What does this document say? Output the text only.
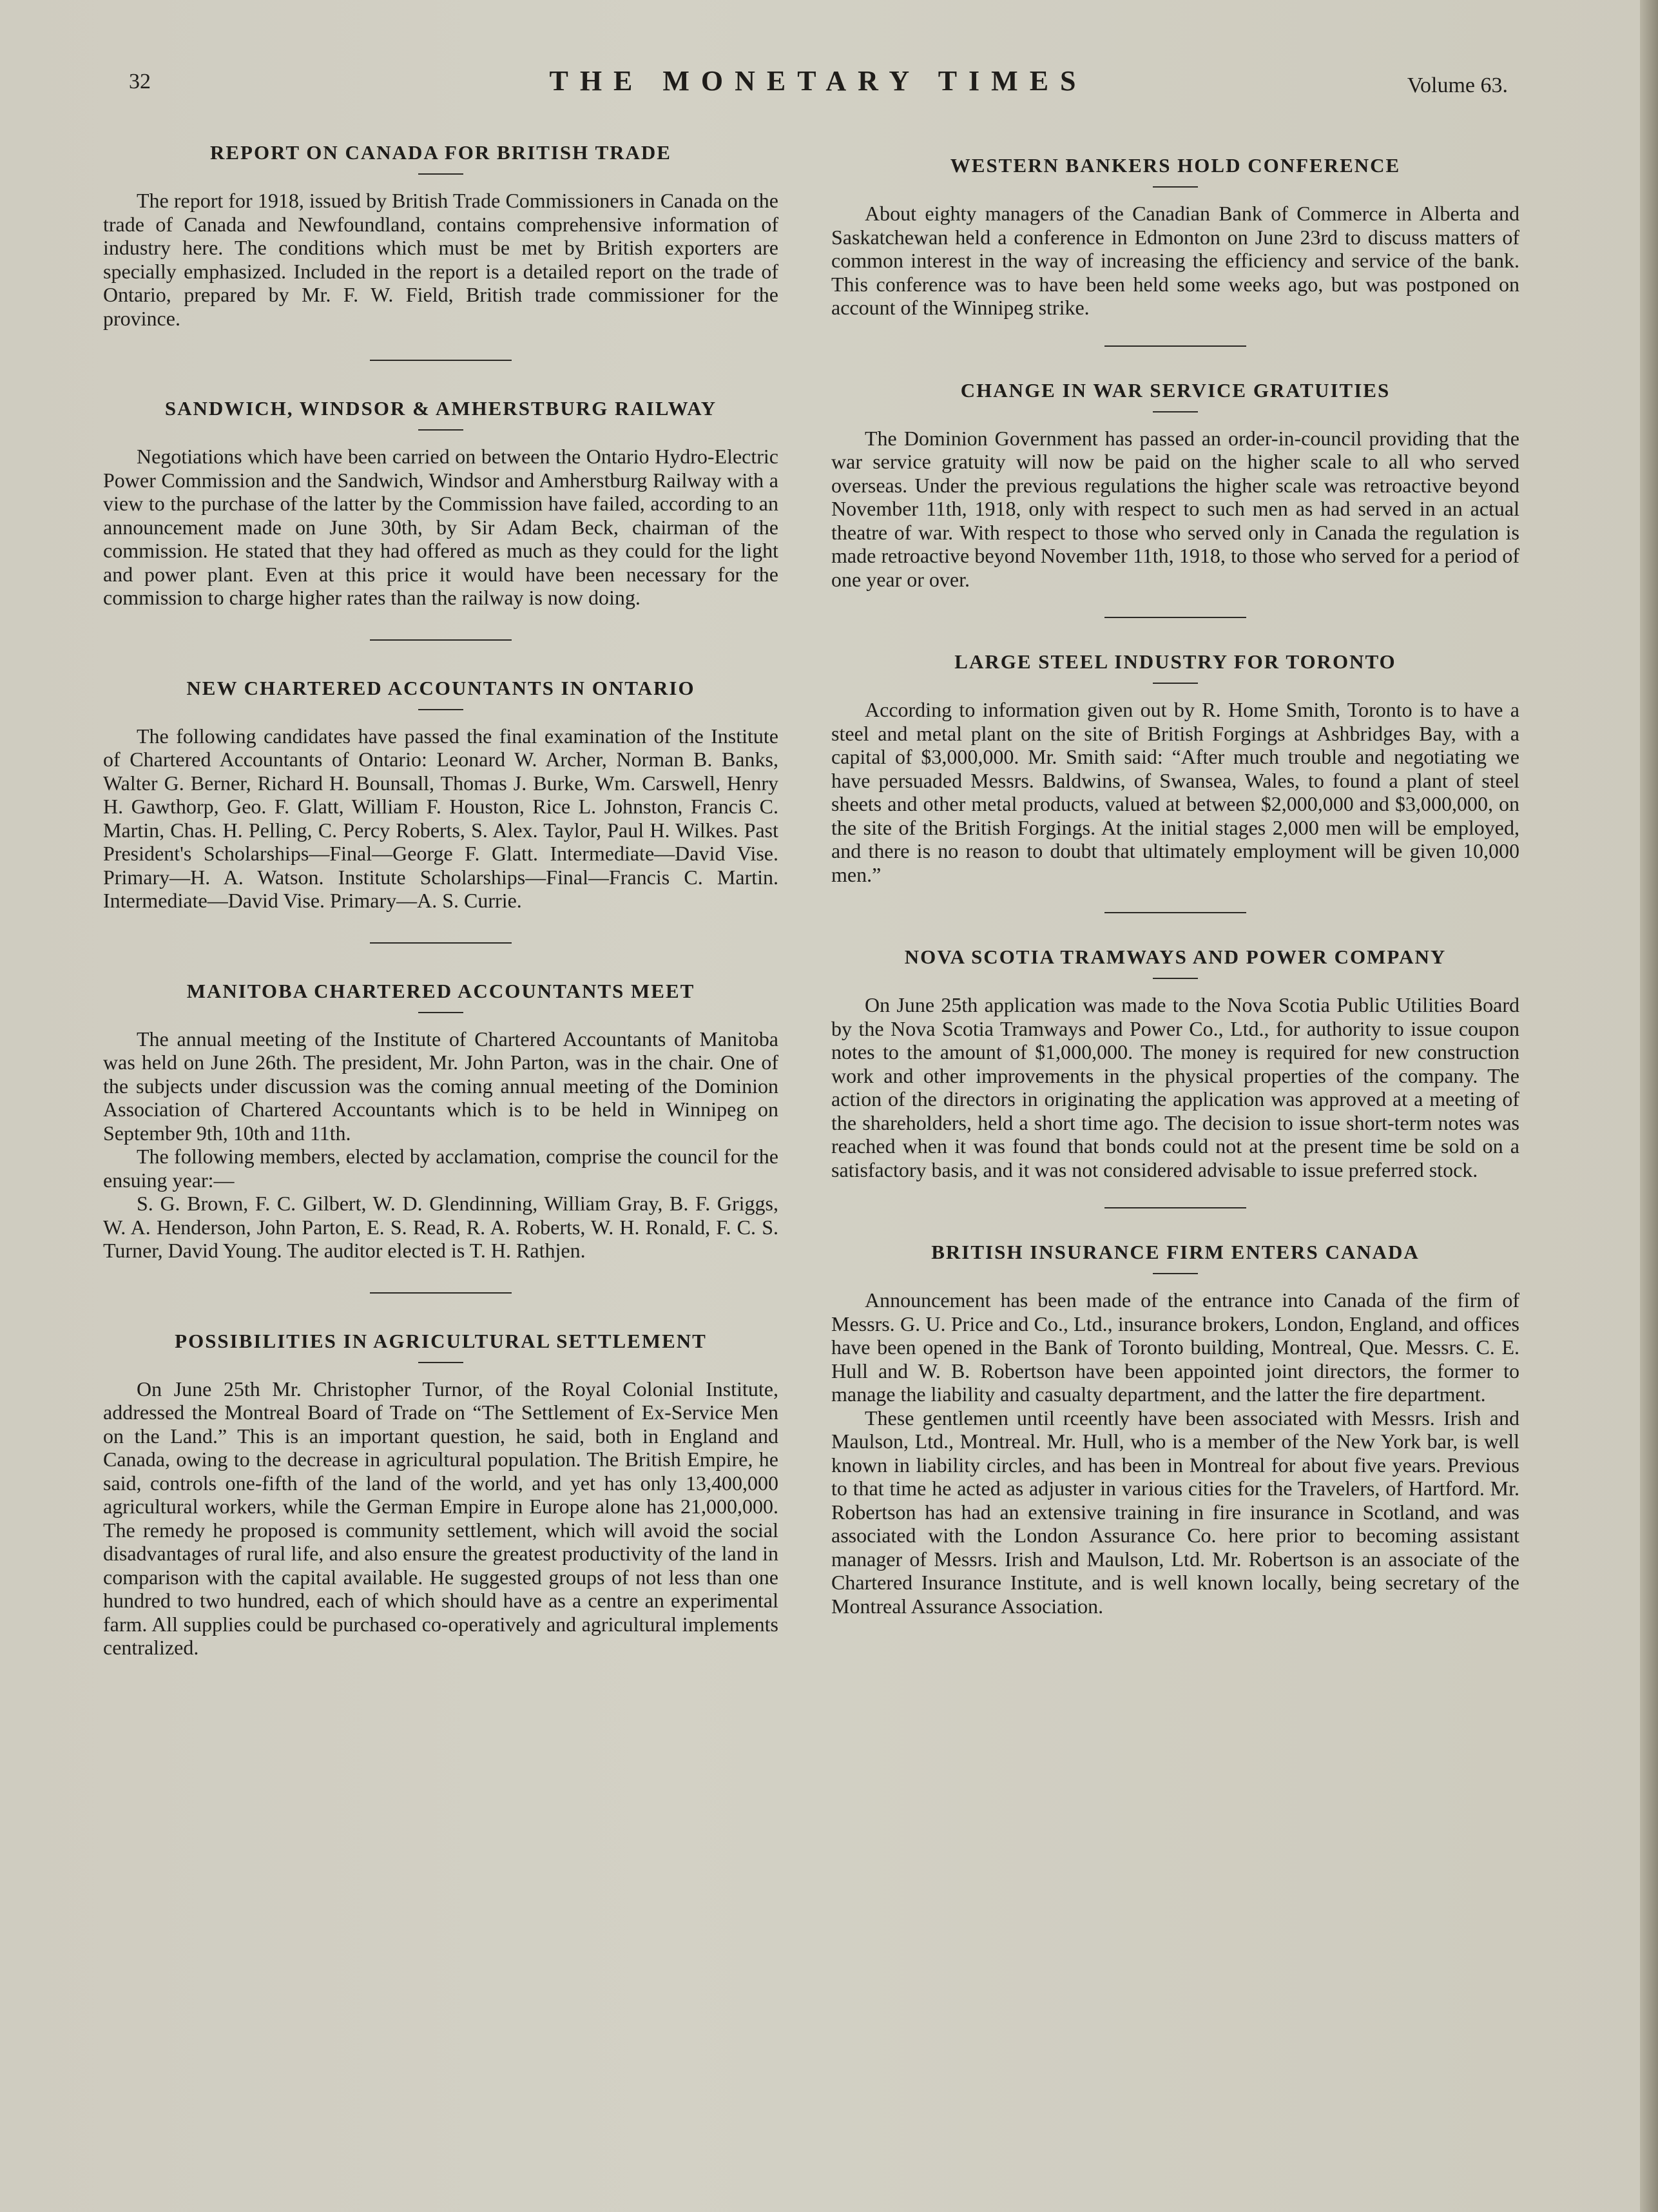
32	THE MONETARY TIMES	Volume 63.
REPORT ON CANADA FOR BRITISH TRADE

The report for 1918, issued by British Trade Commissioners in Canada on the trade of Canada and Newfoundland, contains comprehensive information of industry here. The conditions which must be met by British exporters are specially emphasized. Included in the report is a detailed report on the trade of Ontario, prepared by Mr. F. W. Field, British trade commissioner for the province.

SANDWICH, WINDSOR & AMHERSTBURG RAILWAY

Negotiations which have been carried on between the Ontario Hydro-Electric Power Commission and the Sandwich, Windsor and Amherstburg Railway with a view to the purchase of the latter by the Commission have failed, according to an announcement made on June 30th, by Sir Adam Beck, chairman of the commission. He stated that they had offered as much as they could for the light and power plant. Even at this price it would have been necessary for the commission to charge higher rates than the railway is now doing.

NEW CHARTERED ACCOUNTANTS IN ONTARIO

The following candidates have passed the final examination of the Institute of Chartered Accountants of Ontario: Leonard W. Archer, Norman B. Banks, Walter G. Berner, Richard H. Bounsall, Thomas J. Burke, Wm. Carswell, Henry H. Gawthorp, Geo. F. Glatt, William F. Houston, Rice L. Johnston, Francis C. Martin, Chas. H. Pelling, C. Percy Roberts, S. Alex. Taylor, Paul H. Wilkes. Past President's Scholarships—Final—George F. Glatt. Intermediate—David Vise. Primary—H. A. Watson. Institute Scholarships—Final—Francis C. Martin. Intermediate—David Vise. Primary—A. S. Currie.

MANITOBA CHARTERED ACCOUNTANTS MEET

The annual meeting of the Institute of Chartered Accountants of Manitoba was held on June 26th. The president, Mr. John Parton, was in the chair. One of the subjects under discussion was the coming annual meeting of the Dominion Association of Chartered Accountants which is to be held in Winnipeg on September 9th, 10th and 11th.

The following members, elected by acclamation, comprise the council for the ensuing year:—

S. G. Brown, F. C. Gilbert, W. D. Glendinning, William Gray, B. F. Griggs, W. A. Henderson, John Parton, E. S. Read, R. A. Roberts, W. H. Ronald, F. C. S. Turner, David Young. The auditor elected is T. H. Rathjen.

POSSIBILITIES IN AGRICULTURAL SETTLEMENT

On June 25th Mr. Christopher Turnor, of the Royal Colonial Institute, addressed the Montreal Board of Trade on “The Settlement of Ex-Service Men on the Land.” This is an important question, he said, both in England and Canada, owing to the decrease in agricultural population. The British Empire, he said, controls one-fifth of the land of the world, and yet has only 13,400,000 agricultural workers, while the German Empire in Europe alone has 21,000,000. The remedy he proposed is community settlement, which will avoid the social disadvantages of rural life, and also ensure the greatest productivity of the land in comparison with the capital available. He suggested groups of not less than one hundred to two hundred, each of which should have as a centre an experimental farm. All supplies could be purchased co-operatively and agricultural implements centralized.

WESTERN BANKERS HOLD CONFERENCE

About eighty managers of the Canadian Bank of Commerce in Alberta and Saskatchewan held a conference in Edmonton on June 23rd to discuss matters of common interest in the way of increasing the efficiency and service of the bank. This conference was to have been held some weeks ago, but was postponed on account of the Winnipeg strike.

CHANGE IN WAR SERVICE GRATUITIES

The Dominion Government has passed an order-in-council providing that the war service gratuity will now be paid on the higher scale to all who served overseas. Under the previous regulations the higher scale was retroactive beyond November 11th, 1918, only with respect to such men as had served in an actual theatre of war. With respect to those who served only in Canada the regulation is made retroactive beyond November 11th, 1918, to those who served for a period of one year or over.

LARGE STEEL INDUSTRY FOR TORONTO

According to information given out by R. Home Smith, Toronto is to have a steel and metal plant on the site of British Forgings at Ashbridges Bay, with a capital of $3,000,000. Mr. Smith said: “After much trouble and negotiating we have persuaded Messrs. Baldwins, of Swansea, Wales, to found a plant of steel sheets and other metal products, valued at between $2,000,000 and $3,000,000, on the site of the British Forgings. At the initial stages 2,000 men will be employed, and there is no reason to doubt that ultimately employment will be given 10,000 men.”

NOVA SCOTIA TRAMWAYS AND POWER COMPANY

On June 25th application was made to the Nova Scotia Public Utilities Board by the Nova Scotia Tramways and Power Co., Ltd., for authority to issue coupon notes to the amount of $1,000,000. The money is required for new construction work and other improvements in the physical properties of the company. The action of the directors in originating the application was approved at a meeting of the shareholders, held a short time ago. The decision to issue short-term notes was reached when it was found that bonds could not at the present time be sold on a satisfactory basis, and it was not considered advisable to issue preferred stock.

BRITISH INSURANCE FIRM ENTERS CANADA

Announcement has been made of the entrance into Canada of the firm of Messrs. G. U. Price and Co., Ltd., insurance brokers, London, England, and offices have been opened in the Bank of Toronto building, Montreal, Que. Messrs. C. E. Hull and W. B. Robertson have been appointed joint directors, the former to manage the liability and casualty department, and the latter the fire department.

These gentlemen until rceently have been associated with Messrs. Irish and Maulson, Ltd., Montreal. Mr. Hull, who is a member of the New York bar, is well known in liability circles, and has been in Montreal for about five years. Previous to that time he acted as adjuster in various cities for the Travelers, of Hartford. Mr. Robertson has had an extensive training in fire insurance in Scotland, and was associated with the London Assurance Co. here prior to becoming assistant manager of Messrs. Irish and Maulson, Ltd. Mr. Robertson is an associate of the Chartered Insurance Institute, and is well known locally, being secretary of the Montreal Assurance Association.
